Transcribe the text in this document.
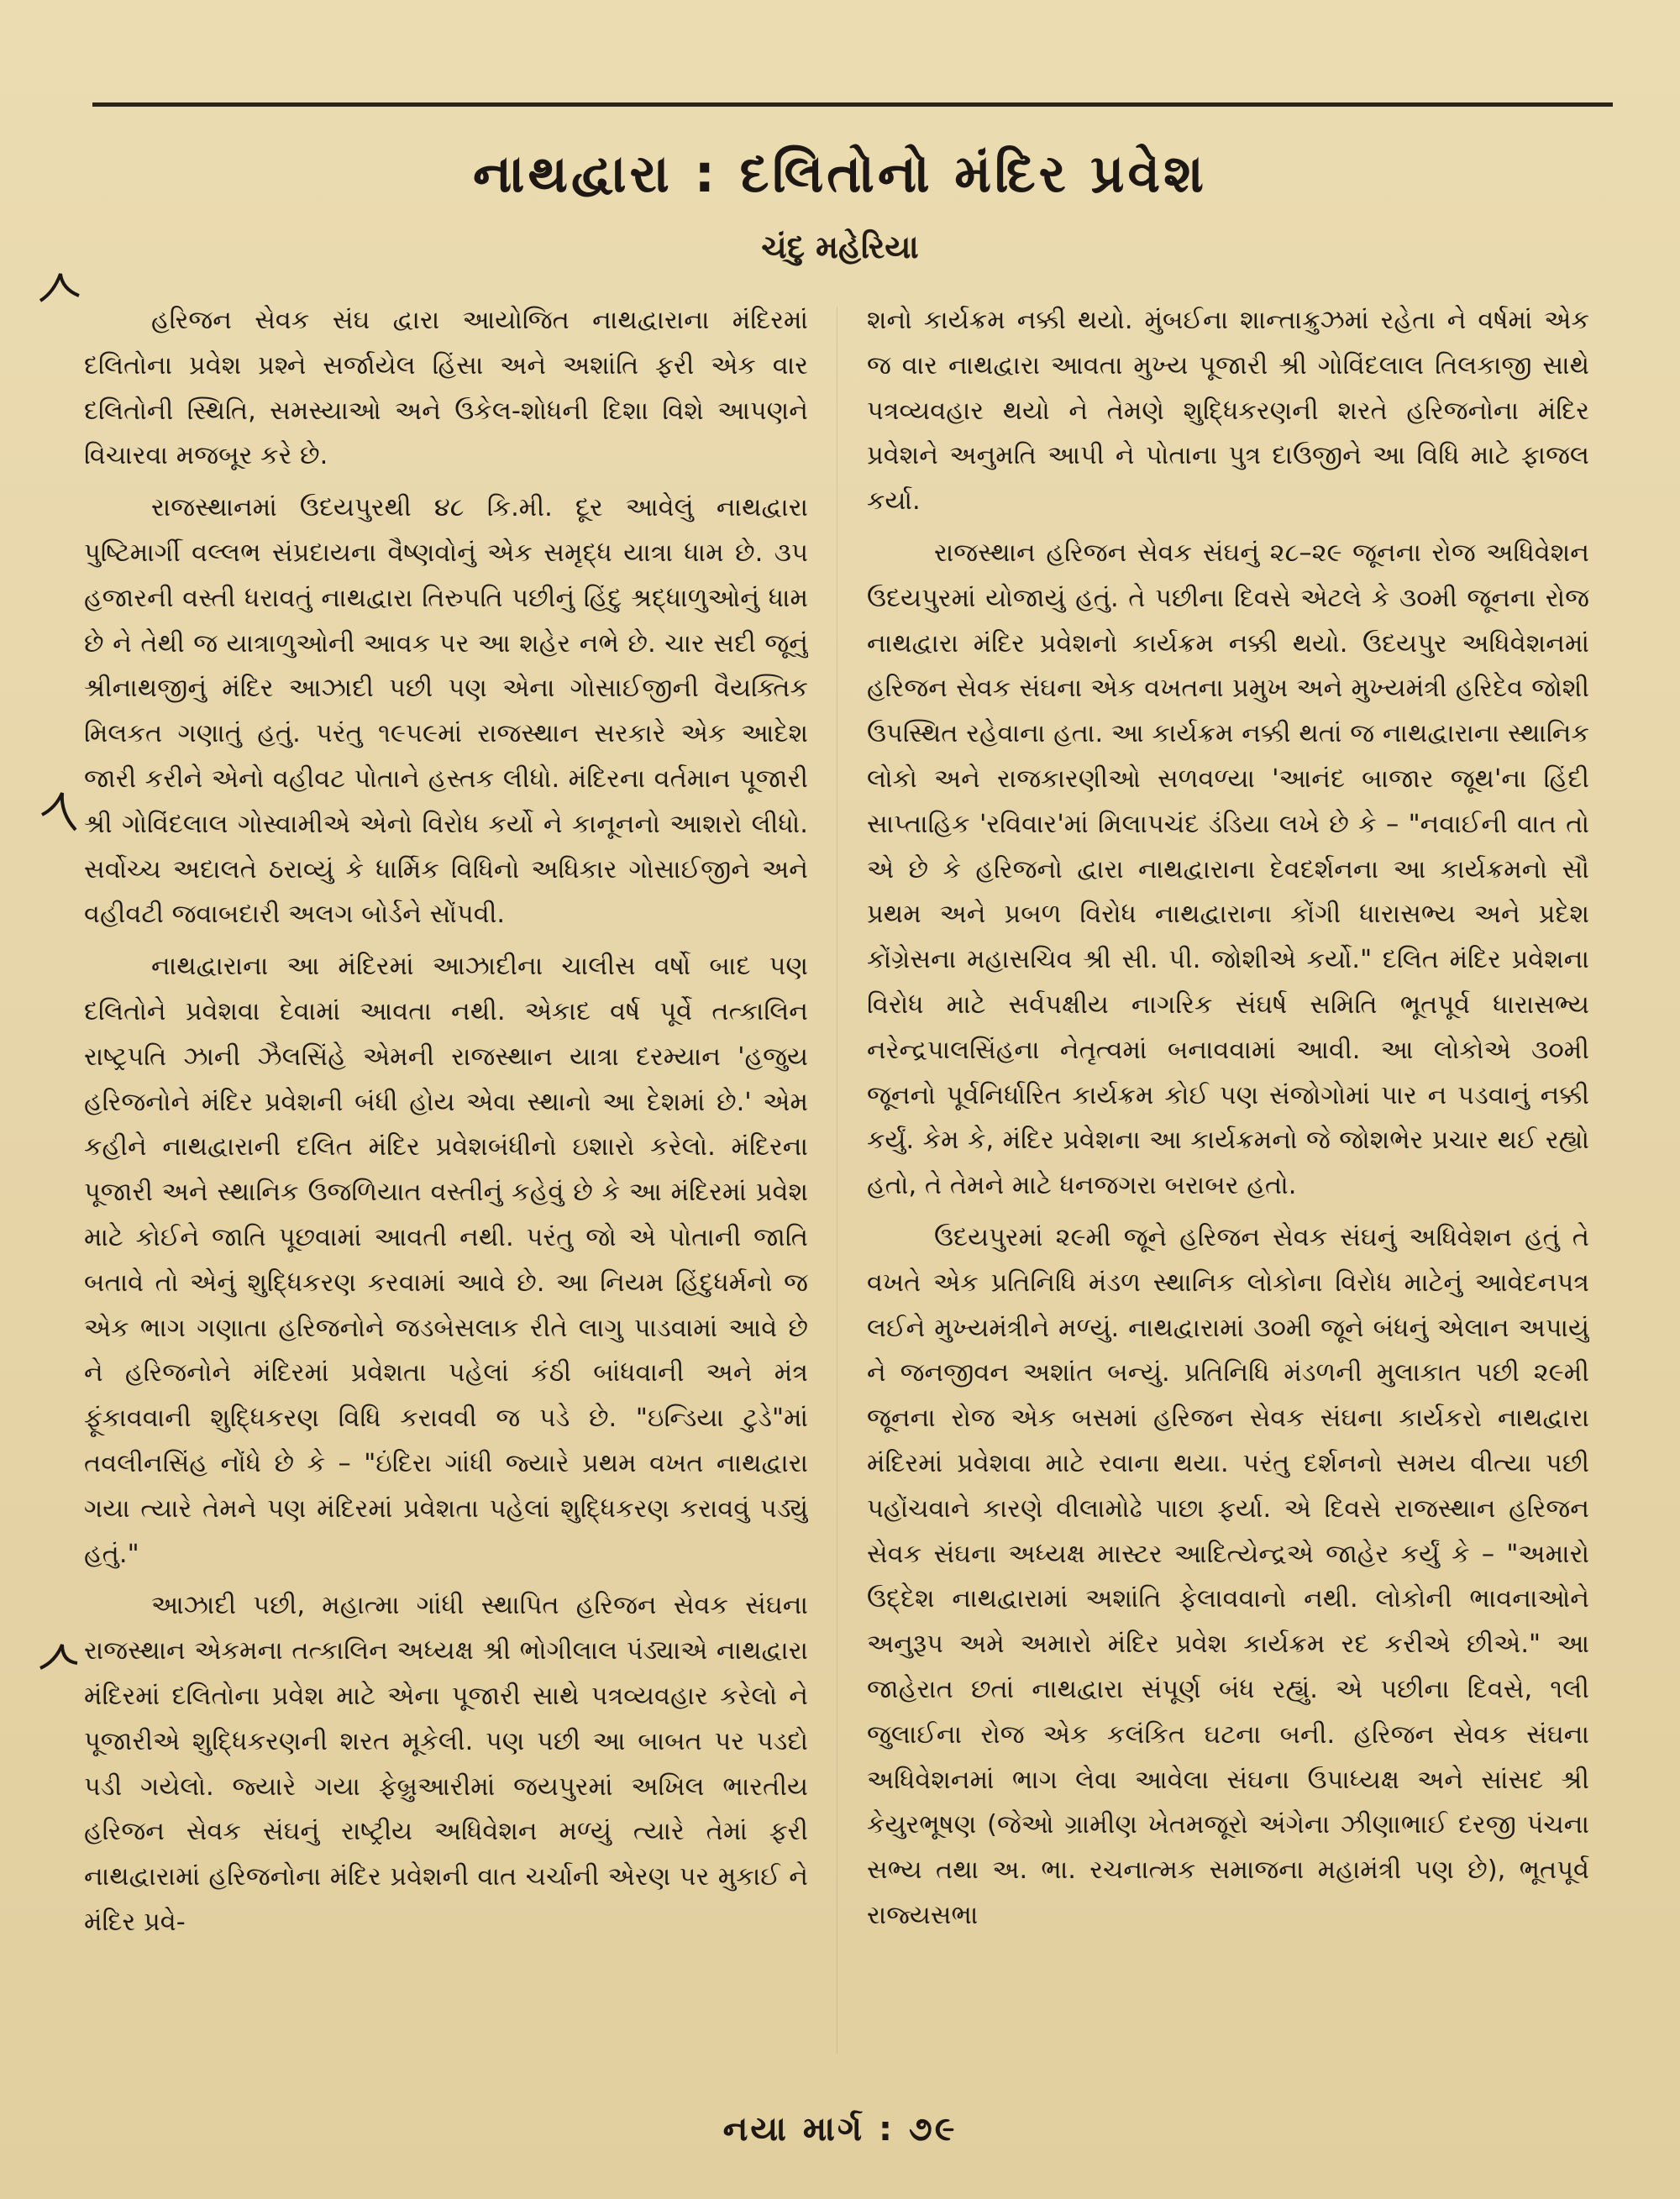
નાથદ્વારા : દલિતોનો મંદિર પ્રવેશ
ચંદુ મહેરિયા

હરિજન સેવક સંઘ દ્વારા આયોજિત નાથદ્વારાના મંદિરમાં દલિતોના પ્રવેશ પ્રશ્ને સર્જાયેલ હિંસા અને અશાંતિ ફરી એક વાર દલિતોની સ્થિતિ, સમસ્યાઓ અને ઉકેલ-શોધની દિશા વિશે આપણને વિચારવા મજબૂર કરે છે.

રાજસ્થાનમાં ઉદયપુરથી ૪૮ કિ.મી. દૂર આવેલું નાથદ્વારા પુષ્ટિમાર્ગી વલ્લભ સંપ્રદાયના વૈષ્ણવોનું એક સમૃદ્ધ યાત્રા ધામ છે. ૩૫ હજારની વસ્તી ધરાવતું નાથદ્વારા તિરુપતિ પછીનું હિંદુ શ્રદ્ધાળુઓનું ધામ છે ને તેથી જ યાત્રાળુઓની આવક પર આ શહેર નભે છે. ચાર સદી જૂનું શ્રીનાથજીનું મંદિર આઝાદી પછી પણ એના ગોસાઈજીની વૈયક્તિક મિલકત ગણાતું હતું. પરંતુ ૧૯૫૯માં રાજસ્થાન સરકારે એક આદેશ જારી કરીને એનો વહીવટ પોતાને હસ્તક લીધો. મંદિરના વર્તમાન પૂજારી શ્રી ગોવિંદલાલ ગોસ્વામીએ એનો વિરોધ કર્યો ને કાનૂનનો આશરો લીધો. સર્વોચ્ચ અદાલતે ઠરાવ્યું કે ધાર્મિક વિધિનો અધિકાર ગોસાઈજીને અને વહીવટી જવાબદારી અલગ બોર્ડને સોંપવી.

નાથદ્વારાના આ મંદિરમાં આઝાદીના ચાલીસ વર્ષો બાદ પણ દલિતોને પ્રવેશવા દેવામાં આવતા નથી. એકાદ વર્ષ પૂર્વે તત્કાલિન રાષ્ટ્રપતિ ઝાની ઝૈલસિંહે એમની રાજસ્થાન યાત્રા દરમ્યાન 'હજુય હરિજનોને મંદિર પ્રવેશની બંધી હોય એવા સ્થાનો આ દેશમાં છે.' એમ કહીને નાથદ્વારાની દલિત મંદિર પ્રવેશબંધીનો ઇશારો કરેલો. મંદિરના પૂજારી અને સ્થાનિક ઉજળિયાત વસ્તીનું કહેવું છે કે આ મંદિરમાં પ્રવેશ માટે કોઈને જાતિ પૂછવામાં આવતી નથી. પરંતુ જો એ પોતાની જાતિ બતાવે તો એનું શુદ્ધિકરણ કરવામાં આવે છે. આ નિયમ હિંદુધર્મનો જ એક ભાગ ગણાતા હરિજનોને જડબેસલાક રીતે લાગુ પાડવામાં આવે છે ને હરિજનોને મંદિરમાં પ્રવેશતા પહેલાં કંઠી બાંધવાની અને મંત્ર ફૂંકાવવાની શુદ્ધિકરણ વિધિ કરાવવી જ પડે છે. "ઇન્ડિયા ટુડે"માં તવલીનસિંહ નોંધે છે કે – "ઇંદિરા ગાંધી જ્યારે પ્રથમ વખત નાથદ્વારા ગયા ત્યારે તેમને પણ મંદિરમાં પ્રવેશતા પહેલાં શુદ્ધિકરણ કરાવવું પડ્યું હતું."

આઝાદી પછી, મહાત્મા ગાંધી સ્થાપિત હરિજન સેવક સંઘના રાજસ્થાન એકમના તત્કાલિન અધ્યક્ષ શ્રી ભોગીલાલ પંડ્યાએ નાથદ્વારા મંદિરમાં દલિતોના પ્રવેશ માટે એના પૂજારી સાથે પત્રવ્યવહાર કરેલો ને પૂજારીએ શુદ્ધિકરણની શરત મૂકેલી. પણ પછી આ બાબત પર પડદો પડી ગયેલો. જ્યારે ગયા ફેબ્રુઆરીમાં જયપુરમાં અખિલ ભારતીય હરિજન સેવક સંઘનું રાષ્ટ્રીય અધિવેશન મળ્યું ત્યારે તેમાં ફરી નાથદ્વારામાં હરિજનોના મંદિર પ્રવેશની વાત ચર્ચાની એરણ પર મુકાઈ ને મંદિર પ્રવે-

શનો કાર્યક્રમ નક્કી થયો. મુંબઈના શાન્તાક્રુઝમાં રહેતા ને વર્ષમાં એક જ વાર નાથદ્વારા આવતા મુખ્ય પૂજારી શ્રી ગોવિંદલાલ તિલકાજી સાથે પત્રવ્યવહાર થયો ને તેમણે શુદ્ધિકરણની શરતે હરિજનોના મંદિર પ્રવેશને અનુમતિ આપી ને પોતાના પુત્ર દાઉજીને આ વિધિ માટે ફાજલ કર્યા.

રાજસ્થાન હરિજન સેવક સંઘનું ૨૮–૨૯ જૂનના રોજ અધિવેશન ઉદયપુરમાં યોજાયું હતું. તે પછીના દિવસે એટલે કે ૩૦મી જૂનના રોજ નાથદ્વારા મંદિર પ્રવેશનો કાર્યક્રમ નક્કી થયો. ઉદયપુર અધિવેશનમાં હરિજન સેવક સંઘના એક વખતના પ્રમુખ અને મુખ્યમંત્રી હરિદેવ જોશી ઉપસ્થિત રહેવાના હતા. આ કાર્યક્રમ નક્કી થતાં જ નાથદ્વારાના સ્થાનિક લોકો અને રાજકારણીઓ સળવળ્યા 'આનંદ બાજાર જૂથ'ના હિંદી સાપ્તાહિક 'રવિવાર'માં મિલાપચંદ ડંડિયા લખે છે કે – "નવાઈની વાત તો એ છે કે હરિજનો દ્વારા નાથદ્વારાના દેવદર્શનના આ કાર્યક્રમનો સૌ પ્રથમ અને પ્રબળ વિરોધ નાથદ્વારાના કોંગી ધારાસભ્ય અને પ્રદેશ કોંગ્રેસના મહાસચિવ શ્રી સી. પી. જોશીએ કર્યો." દલિત મંદિર પ્રવેશના વિરોધ માટે સર્વપક્ષીય નાગરિક સંઘર્ષ સમિતિ ભૂતપૂર્વ ધારાસભ્ય નરેન્દ્રપાલસિંહના નેતૃત્વમાં બનાવવામાં આવી. આ લોકોએ ૩૦મી જૂનનો પૂર્વનિર્ધારિત કાર્યક્રમ કોઈ પણ સંજોગોમાં પાર ન પડવાનું નક્કી કર્યું. કેમ કે, મંદિર પ્રવેશના આ કાર્યક્રમનો જે જોશભેર પ્રચાર થઈ રહ્યો હતો, તે તેમને માટે ધનજગરા બરાબર હતો.

ઉદયપુરમાં ૨૯મી જૂને હરિજન સેવક સંઘનું અધિવેશન હતું તે વખતે એક પ્રતિનિધિ મંડળ સ્થાનિક લોકોના વિરોધ માટેનું આવેદનપત્ર લઈને મુખ્યમંત્રીને મળ્યું. નાથદ્વારામાં ૩૦મી જૂને બંધનું એલાન અપાયું ને જનજીવન અશાંત બન્યું. પ્રતિનિધિ મંડળની મુલાકાત પછી ૨૯મી જૂનના રોજ એક બસમાં હરિજન સેવક સંઘના કાર્યકરો નાથદ્વારા મંદિરમાં પ્રવેશવા માટે રવાના થયા. પરંતુ દર્શનનો સમય વીત્યા પછી પહોંચવાને કારણે વીલામોઢે પાછા ફર્યા. એ દિવસે રાજસ્થાન હરિજન સેવક સંઘના અધ્યક્ષ માસ્ટર આદિત્યેન્દ્રએ જાહેર કર્યું કે – "અમારો ઉદ્દેશ નાથદ્વારામાં અશાંતિ ફેલાવવાનો નથી. લોકોની ભાવનાઓને અનુરૂપ અમે અમારો મંદિર પ્રવેશ કાર્યક્રમ રદ કરીએ છીએ." આ જાહેરાત છતાં નાથદ્વારા સંપૂર્ણ બંધ રહ્યું. એ પછીના દિવસે, ૧લી જુલાઈના રોજ એક કલંકિત ઘટના બની. હરિજન સેવક સંઘના અધિવેશનમાં ભાગ લેવા આવેલા સંઘના ઉપાધ્યક્ષ અને સાંસદ શ્રી કેયુરભૂષણ (જેઓ ગ્રામીણ ખેતમજૂરો અંગેના ઝીણાભાઈ દરજી પંચના સભ્ય તથા અ. ભા. રચનાત્મક સમાજના મહામંત્રી પણ છે), ભૂતપૂર્વ રાજ્યસભા

નયા માર્ગ : ૭૯
